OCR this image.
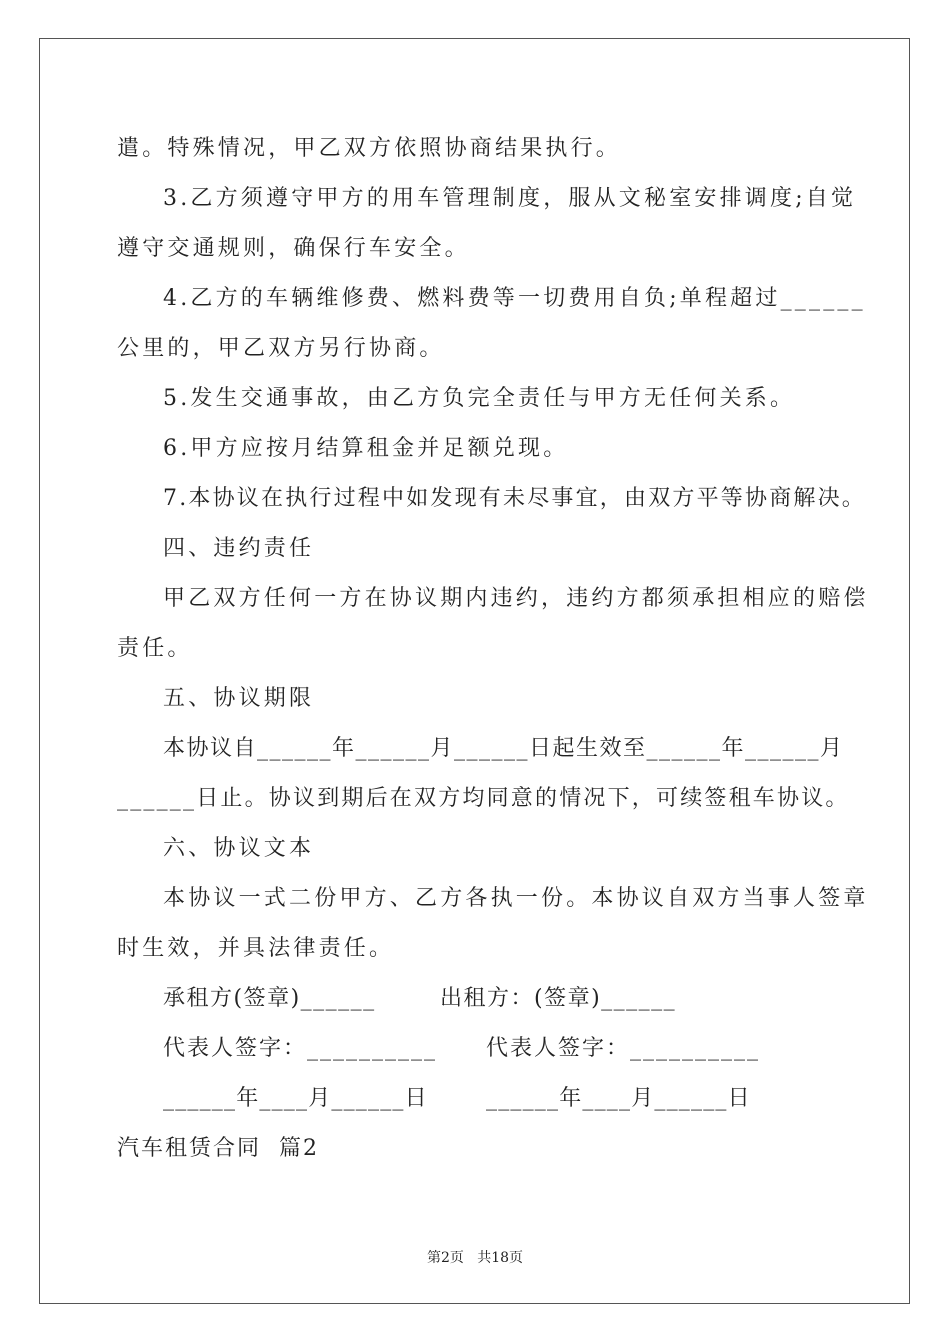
遣。特殊情况，甲乙双方依照协商结果执行。
3.乙方须遵守甲方的用车管理制度，服从文秘室安排调度;自觉
遵守交通规则，确保行车安全。
4.乙方的车辆维修费、燃料费等一切费用自负;单程超过______
公里的，甲乙双方另行协商。
5.发生交通事故，由乙方负完全责任与甲方无任何关系。
6.甲方应按月结算租金并足额兑现。
7.本协议在执行过程中如发现有未尽事宜，由双方平等协商解决。
四、违约责任
甲乙双方任何一方在协议期内违约，违约方都须承担相应的赔偿
责任。
五、协议期限
本协议自______年______月______日起生效至______年______月
______日止。协议到期后在双方均同意的情况下，可续签租车协议。
六、协议文本
本协议一式二份甲方、乙方各执一份。本协议自双方当事人签章
时生效，并具法律责任。
承租方(签章)______	出租方：(签章)______
代表人签字：__________ 代表人签字：__________
______年____月______日	______年____月______日
汽车租赁合同  篇2
第2页   共18页
